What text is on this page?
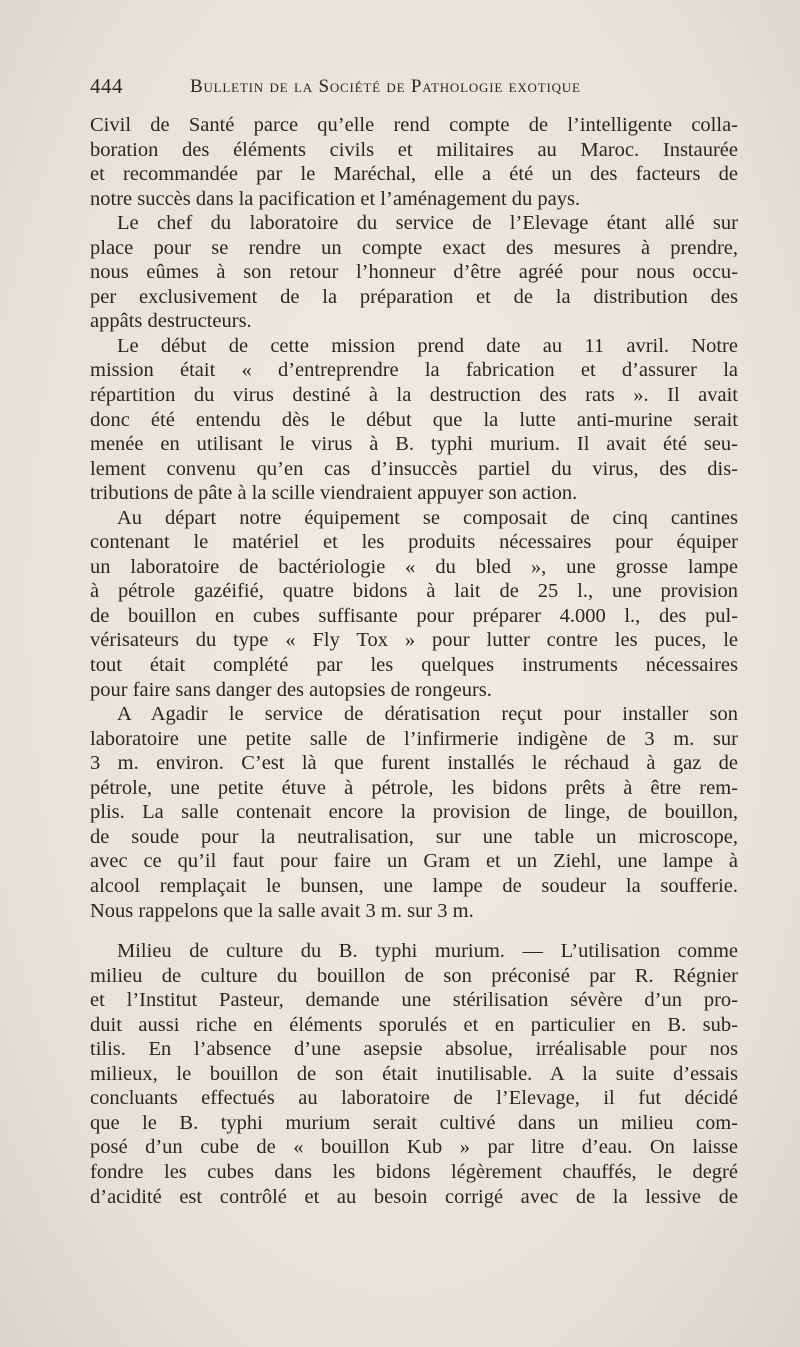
444	Bulletin de la Société de Pathologie exotique
Civil de Santé parce qu’elle rend compte de l’intelligente colla-
boration des éléments civils et militaires au Maroc. Instaurée
et recommandée par le Maréchal, elle a été un des facteurs de
notre succès dans la pacification et l’aménagement du pays.
Le chef du laboratoire du service de l’Elevage étant allé sur
place pour se rendre un compte exact des mesures à prendre,
nous eûmes à son retour l’honneur d’être agréé pour nous occu-
per exclusivement de la préparation et de la distribution des
appâts destructeurs.
Le début de cette mission prend date au 11 avril. Notre
mission était « d’entreprendre la fabrication et d’assurer la
répartition du virus destiné à la destruction des rats ». Il avait
donc été entendu dès le début que la lutte anti-murine serait
menée en utilisant le virus à B. typhi murium. Il avait été seu-
lement convenu qu’en cas d’insuccès partiel du virus, des dis-
tributions de pâte à la scille viendraient appuyer son action.
Au départ notre équipement se composait de cinq cantines
contenant le matériel et les produits nécessaires pour équiper
un laboratoire de bactériologie « du bled », une grosse lampe
à pétrole gazéifié, quatre bidons à lait de 25 l., une provision
de bouillon en cubes suffisante pour préparer 4.000 l., des pul-
vérisateurs du type « Fly Tox » pour lutter contre les puces, le
tout était complété par les quelques instruments nécessaires
pour faire sans danger des autopsies de rongeurs.
A Agadir le service de dératisation reçut pour installer son
laboratoire une petite salle de l’infirmerie indigène de 3 m. sur
3 m. environ. C’est là que furent installés le réchaud à gaz de
pétrole, une petite étuve à pétrole, les bidons prêts à être rem-
plis. La salle contenait encore la provision de linge, de bouillon,
de soude pour la neutralisation, sur une table un microscope,
avec ce qu’il faut pour faire un Gram et un Ziehl, une lampe à
alcool remplaçait le bunsen, une lampe de soudeur la soufferie.
Nous rappelons que la salle avait 3 m. sur 3 m.
Milieu de culture du B. typhi murium. — L’utilisation comme
milieu de culture du bouillon de son préconisé par R. Régnier
et l’Institut Pasteur, demande une stérilisation sévère d’un pro-
duit aussi riche en éléments sporulés et en particulier en B. sub-
tilis. En l’absence d’une asepsie absolue, irréalisable pour nos
milieux, le bouillon de son était inutilisable. A la suite d’essais
concluants effectués au laboratoire de l’Elevage, il fut décidé
que le B. typhi murium serait cultivé dans un milieu com-
posé d’un cube de « bouillon Kub » par litre d’eau. On laisse
fondre les cubes dans les bidons légèrement chauffés, le degré
d’acidité est contrôlé et au besoin corrigé avec de la lessive de
